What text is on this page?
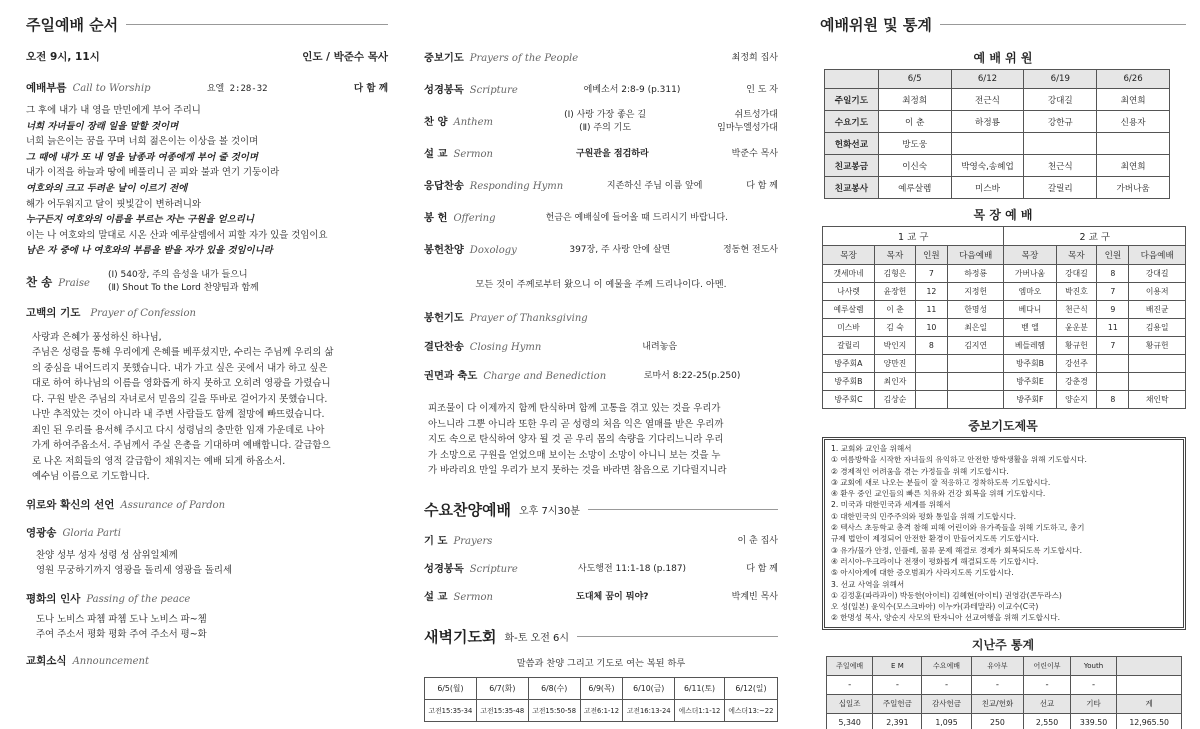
주일예배 순서
오전 9시, 11시	인도 / 박준수 목사
예배부름 Call to Worship	요엘 2:28-32	다 함 께
그 후에 내가 내 영을 만민에게 부어 주리니
너희 자녀들이 장래 일을 말할 것이며
너희 늙은이는 꿈을 꾸며 너희 젊은이는 이상을 볼 것이며
그 때에 내가 또 내 영을 남종과 여종에게 부어 줄 것이며
내가 이적을 하늘과 땅에 베풀리니 곧 피와 불과 연기 기둥이라
여호와의 크고 두려운 날이 이르기 전에
해가 어두워지고 달이 핏빛같이 변하려니와
누구든지 여호와의 이름을 부르는 자는 구원을 얻으리니
이는 나 여호와의 말대로 시온 산과 예루살렘에서 피할 자가 있을 것임이요
남은 자 중에 나 여호와의 부름을 받을 자가 있을 것임이니라
찬 송 Praise
(Ⅰ) 540장, 주의 음성을 내가 들으니
(Ⅱ) Shout To the Lord 찬양팀과 함께
고백의 기도 Prayer of Confession
사랑과 은혜가 풍성하신 하나님,
주님은 성령을 통해 우리에게 은혜를 베푸셨지만, 수리는 주님께 우리의 삶
의 중심을 내어드리지 못했습니다. 내가 가고 싶은 곳에서 내가 하고 싶은
대로 하여 하나님의 이름을 영화롭게 하지 못하고 오히려 영광을 가렸습니
다. 구원 받은 주님의 자녀로서 믿음의 길을 뚜바로 걸어가지 못했습니다.
나만 추적았는 것이 아니라 내 주변 사람들도 함께 절망에 빠뜨렸습니다.
죄인 된 우리를 용서해 주시고 다시 성령님의 충만한 임재 가운데로 나아
가게 하여주옵소서. 주님께서 주실 은총을 기대하며 예배합니다. 갈급함으
로 나온 저희들의 영적 갈급함이 채워지는 예배 되게 하옵소서.
예수님 이름으로 기도합니다.
위로와 확신의 선언 Assurance of Pardon
영광송 Gloria Parti
찬양 성부 성자 성령 성 삼위일체께
영원 무궁하기까지 영광을 돌리세 영광을 돌리세
평화의 인사 Passing of the peace
도나 노비스 파쳄 파쳄 도나 노비스 파~쳄
주여 주소서 평화 평화 주여 주소서 평~화
교회소식 Announcement
중보기도 Prayers of the People	최정희 집사
성경봉독 Scripture	에베소서 2:8-9 (p.311)	인 도 자
찬 양 Anthem
(Ⅰ) 사랑 가장 좋은 길
(Ⅱ) 주의 기도
쉬트성가대
임마누엘성가대
설 교 Sermon	구원관을 점검하라	박준수 목사
응답찬송 Responding Hymn	지존하신 주님 이름 앞에	다 함 께
봉 헌 Offering	헌금은 예배실에 들어올 때 드리시기 바랍니다.
봉헌찬양 Doxology	397장, 주 사랑 안에 살면	정동현 전도사
모든 것이 주께로부터 왔으니 이 예물을 주께 드리나이다. 아멘.
봉헌기도 Prayer of Thanksgiving
결단찬송 Closing Hymn	내려놓음
권면과 축도 Charge and Benediction	로마서 8:22-25(p.250)
피조물이 다 이제까지 함께 탄식하며 함께 고통을 겪고 있는 것을 우리가
아느니라 그뿐 아니라 또한 우리 곧 성령의 처음 익은 열매를 받은 우리까
지도 속으로 탄식하여 양자 될 것 곧 우리 몸의 속량을 기다리느니라 우리
가 소망으로 구원을 얻었으매 보이는 소망이 소망이 아니니 보는 것을 누
가 바라리요 만일 우리가 보지 못하는 것을 바라면 참음으로 기다릴지니라
수요찬양예배 오후 7시30분
기 도 Prayers	이 춘 집사
성경봉독 Scripture	사도행전 11:1-18 (p.187)	다 함 께
설 교 Sermon	도대체 꿈이 뭐야?	박계빈 목사
새벽기도회 화-토 오전 6시
말씀과 찬양 그리고 기도로 여는 복된 하루
6/5(월)	6/7(화)	6/8(수)	6/9(목)	6/10(금)	6/11(토)	6/12(일)
고전15:35-34	고전15:35-48	고전15:50-58	고전6:1-12	고전16:13-24	에스더1:1-12	에스더13:~22
예배위원 및 통계
예 배 위 원
	6/5	6/12	6/19	6/26
주일기도	최정희	전근식	강대길	최연희
수요기도	이 춘	하정룡	강한규	신용자
헌화선교	방도웅			
친교봉금	이신숙	박영숙,송혜업	천근식	최연희
친교봉사	예루살렘	미스바	갈릴리	가버나움
목 장 예 배
1 교 구				2 교 구			
목장	목자	인원	다음예배	목장	목자	인원	다음예배
갯세마네	김형은	7	하정룡	가버나움	강대길	8	강대길
나사렛	윤장헌	12	지정헌	엠마오	박진호	7	이용저
예루살렘	이 춘	11	한명성	베다니	천근식	9	배진균
미스바	김 숙	10	최은일	벧 엘	윤운분	11	김용일
갈릴리	박인지	8	김지연	베들레헴	황규헌	7	황규헌
방주회A	양만진			방주회B	강선주		
방주회B	최인자			방주회E	강춘경		
방주회C	김상순			방주회F	양순지	8	채인탁
중보기도제목
1. 교회와 교인을 위해서
① 여름방학을 시작한 자녀들의 유익하고 안전한 방학생활을 위해 기도합시다.
② 경제적인 어려움을 겪는 가정들을 위해 기도합시다.
③ 교회에 새로 나오는 분들이 잘 적응하고 정착하도록 기도합시다.
④ 환우 중인 교인들의 빠른 치유와 건강 회복을 위해 기도합시다.
2. 미국과 대한민국과 세계를 위해서
① 대한민국의 민주주의와 평화 통일을 위해 기도합시다.
② 텍사스 초등학교 총격 참해 피해 어린이와 유가족들을 위해 기도하고, 총기
규제 법안이 제정되어 안전한 환경이 만들어지도록 기도합시다.
③ 유가/물가 안정, 인플레, 물류 문제 해결로 경제가 회복되도록 기도합시다.
④ 러시아-우크라이나 전쟁이 평화롭게 해결되도록 기도합시다.
⑤ 아시아계에 대한 증오범죄가 사라지도록 기도합시다.
3. 선교 사역을 위해서
① 김정훈(파라과이) 박동한(아이티) 김혜현(아이티) 권영감(콘두라스)
오 성(일본) 윤익수(모스크바아) 이누카(과테말라) 이교수(C국)
② 한명성 목사, 양순지 사모의 탄자니아 선교여행을 위해 기도합시다.
지난주 통계
주일예배	E M	수요예배	유아부	어린이부	Youth	
-	-	-	-	-	-	
십일조	주일헌금	감사헌금	친교/헌화	선교	기타	계
5,340	2,391	1,095	250	2,550	339.50	12,965.50
